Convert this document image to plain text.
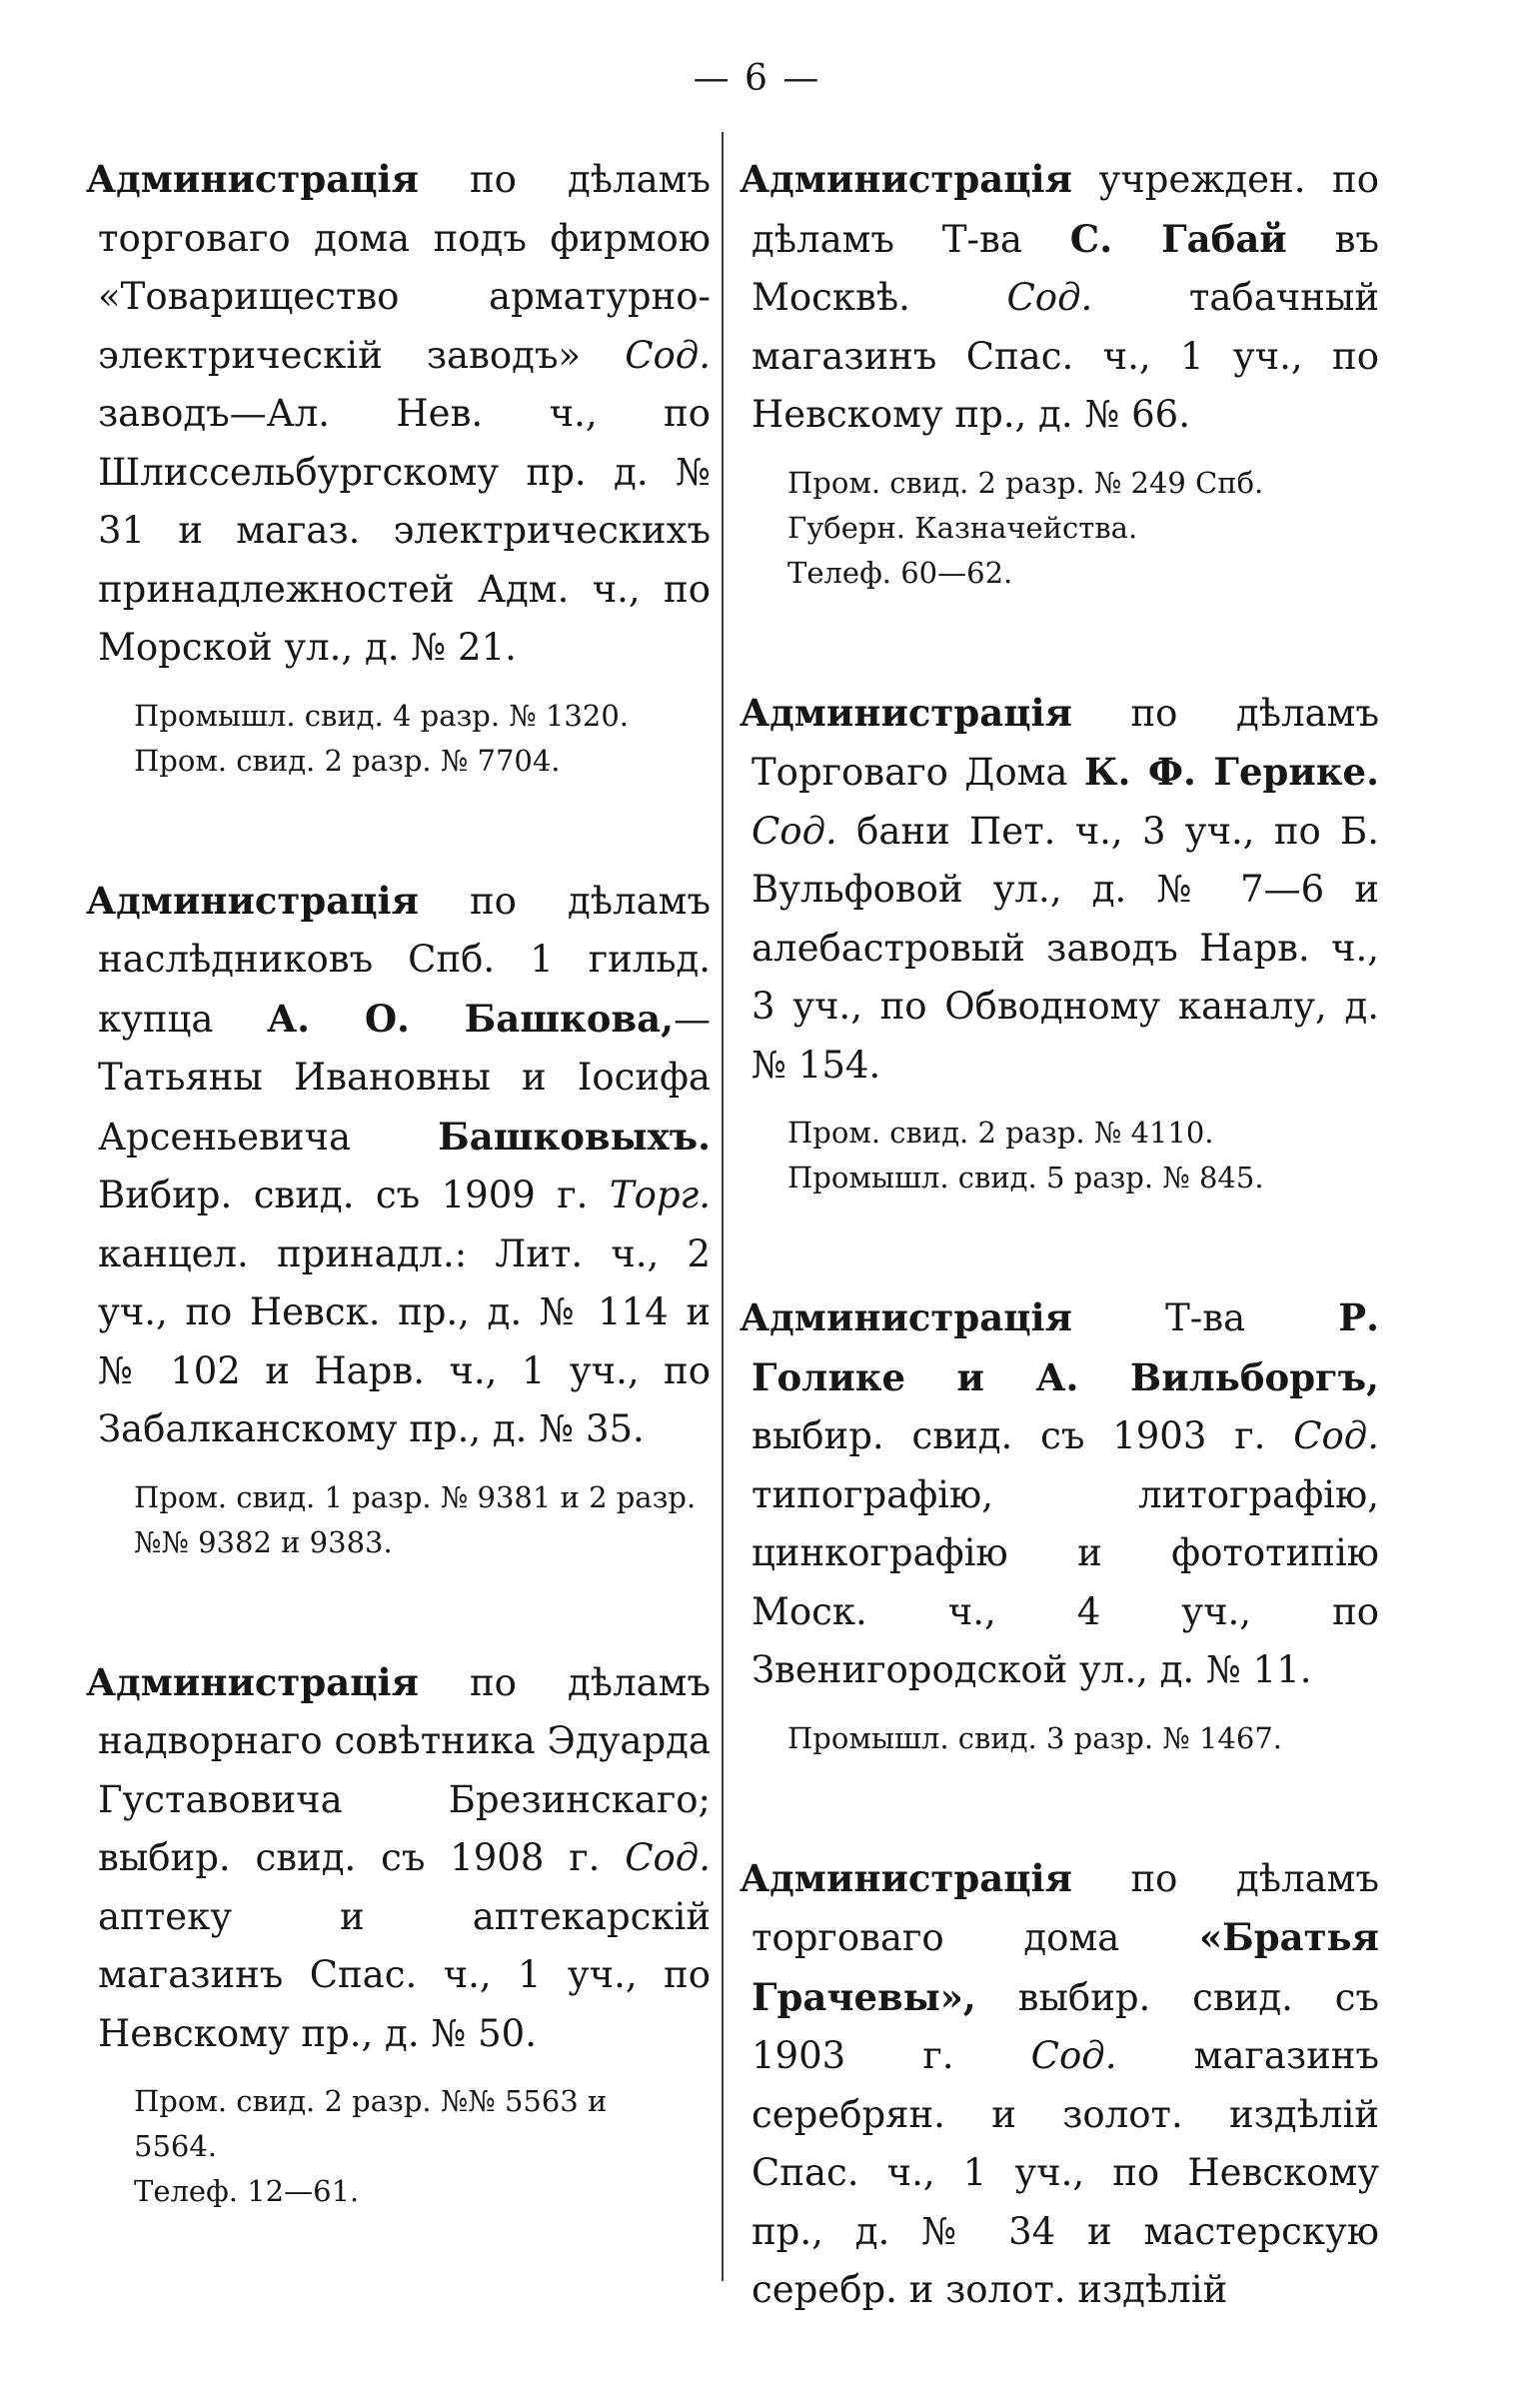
— 6 —

Администрація по дѣламъ торговаго дома подъ фирмою «Товарищество арматурно-электрическій заводъ» Сод. заводъ—Ал. Нев. ч., по Шлиссельбургскому пр. д. № 31 и магаз. электрическихъ принадлежностей Адм. ч., по Морской ул., д. № 21.

Промышл. свид. 4 разр. № 1320.
Пром. свид. 2 разр. № 7704.

Администрація по дѣламъ наслѣдниковъ Спб. 1 гильд. купца А. О. Башкова,—Татьяны Ивановны и Іосифа Арсеньевича Башковыхъ. Вибир. свид. съ 1909 г. Торг. канцел. принадл.: Лит. ч., 2 уч., по Невск. пр., д. № 114 и № 102 и Нарв. ч., 1 уч., по Забалканскому пр., д. № 35.

Пром. свид. 1 разр. № 9381 и 2 разр.
№№ 9382 и 9383.

Администрація по дѣламъ надворнаго совѣтника Эдуарда Густавовича Брезинскаго; выбир. свид. съ 1908 г. Сод. аптеку и аптекарскій магазинъ Спас. ч., 1 уч., по Невскому пр., д. № 50.

Пром. свид. 2 разр. №№ 5563 и
5564.
Телеф. 12—61.

Администрація учрежден. по дѣламъ Т-ва С. Габай въ Москвѣ. Сод. табачный магазинъ Спас. ч., 1 уч., по Невскому пр., д. № 66.

Пром. свид. 2 разр. № 249 Спб.
Губерн. Казначейства.
Телеф. 60—62.

Администрація по дѣламъ Торговаго Дома К. Ф. Герике. Сод. бани Пет. ч., 3 уч., по Б. Вульфовой ул., д. № 7—6 и алебастровый заводъ Нарв. ч., 3 уч., по Обводному каналу, д. № 154.

Пром. свид. 2 разр. № 4110.
Промышл. свид. 5 разр. № 845.

Администрація Т-ва Р. Голике и А. Вильборгъ, выбир. свид. съ 1903 г. Сод. типографію, литографію, цинкографію и фототипію Моск. ч., 4 уч., по Звенигородской ул., д. № 11.

Промышл. свид. 3 разр. № 1467.

Администрація по дѣламъ торговаго дома «Братья Грачевы», выбир. свид. съ 1903 г. Сод. магазинъ серебрян. и золот. издѣлій Спас. ч., 1 уч., по Невскому пр., д. № 34 и мастерскую серебр. и золот. издѣлій
